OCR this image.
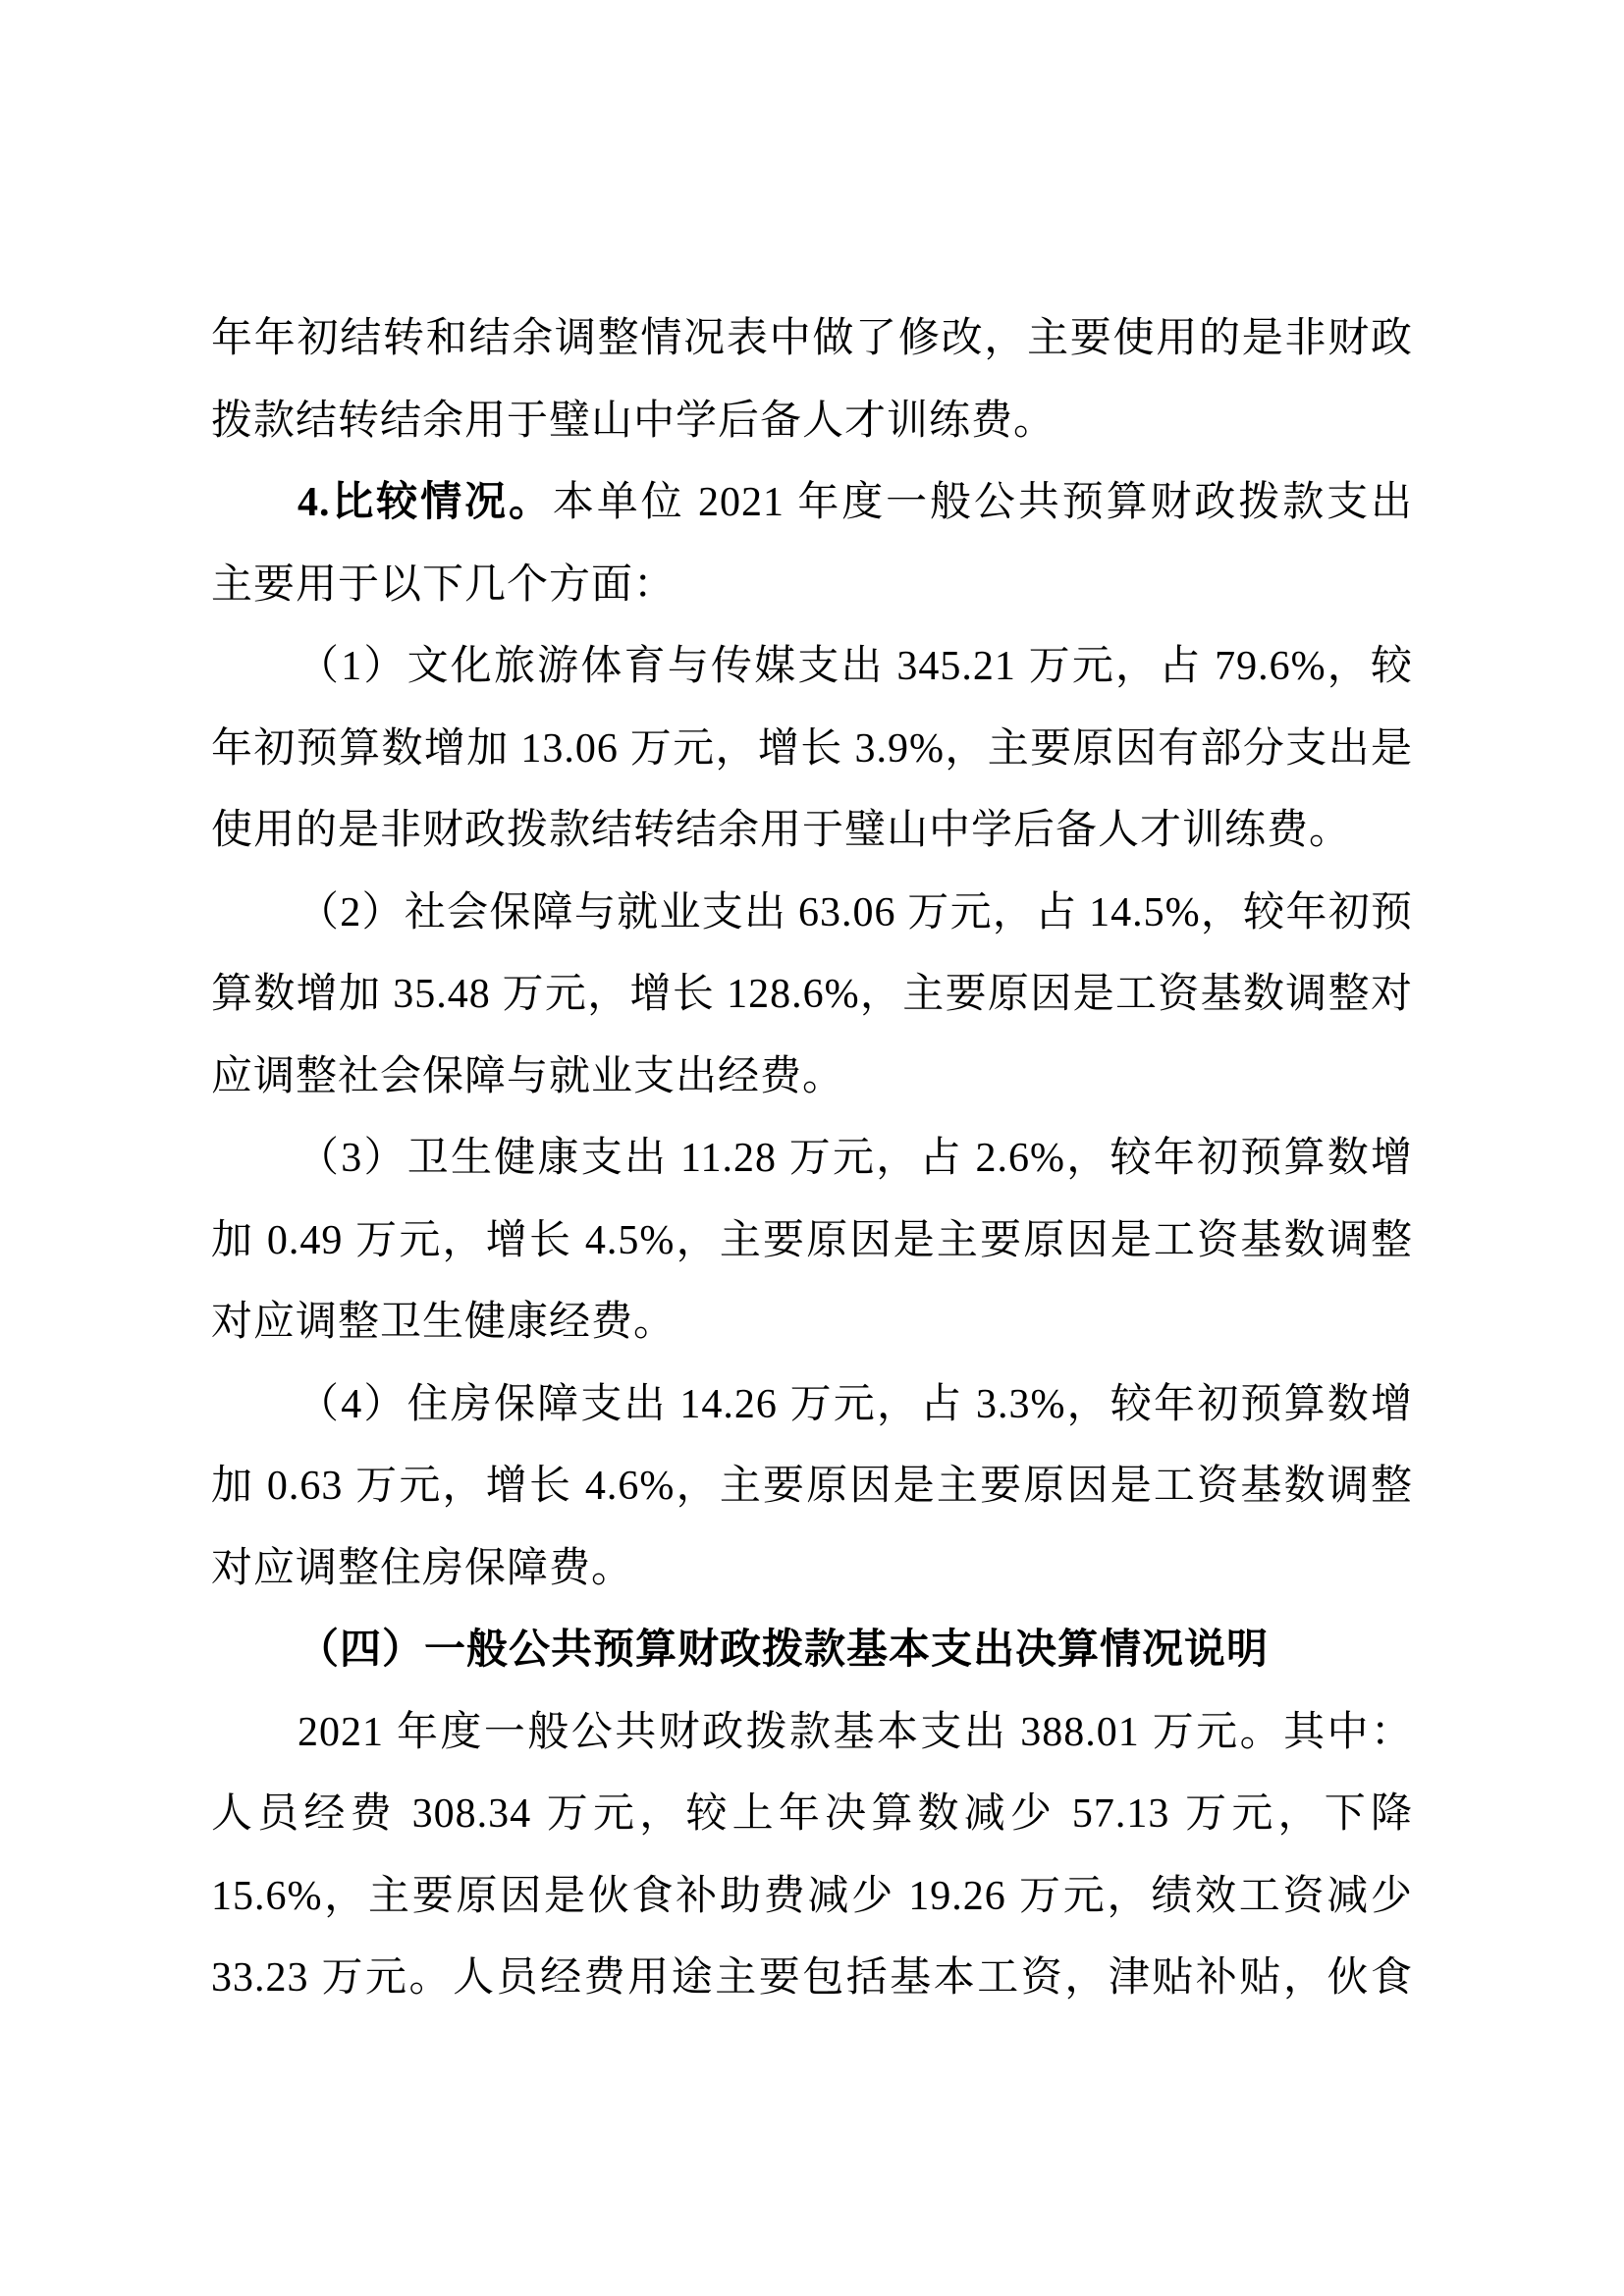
年年初结转和结余调整情况表中做了修改，主要使用的是非财政
拨款结转结余用于璧山中学后备人才训练费。
4.比较情况。本单位 2021 年度一般公共预算财政拨款支出
主要用于以下几个方面：
（1）文化旅游体育与传媒支出 345.21 万元，占 79.6%，较
年初预算数增加 13.06 万元，增长 3.9%，主要原因有部分支出是
使用的是非财政拨款结转结余用于璧山中学后备人才训练费。
（2）社会保障与就业支出 63.06 万元，占 14.5%，较年初预
算数增加 35.48 万元，增长 128.6%，主要原因是工资基数调整对
应调整社会保障与就业支出经费。
（3）卫生健康支出 11.28 万元，占 2.6%，较年初预算数增
加 0.49 万元，增长 4.5%，主要原因是主要原因是工资基数调整
对应调整卫生健康经费。
（4）住房保障支出 14.26 万元，占 3.3%，较年初预算数增
加 0.63 万元，增长 4.6%，主要原因是主要原因是工资基数调整
对应调整住房保障费。
（四）一般公共预算财政拨款基本支出决算情况说明
2021 年度一般公共财政拨款基本支出 388.01 万元。其中：
人员经费 308.34 万元，较上年决算数减少 57.13 万元，下降
15.6%，主要原因是伙食补助费减少 19.26 万元，绩效工资减少
33.23 万元。人员经费用途主要包括基本工资，津贴补贴，伙食
